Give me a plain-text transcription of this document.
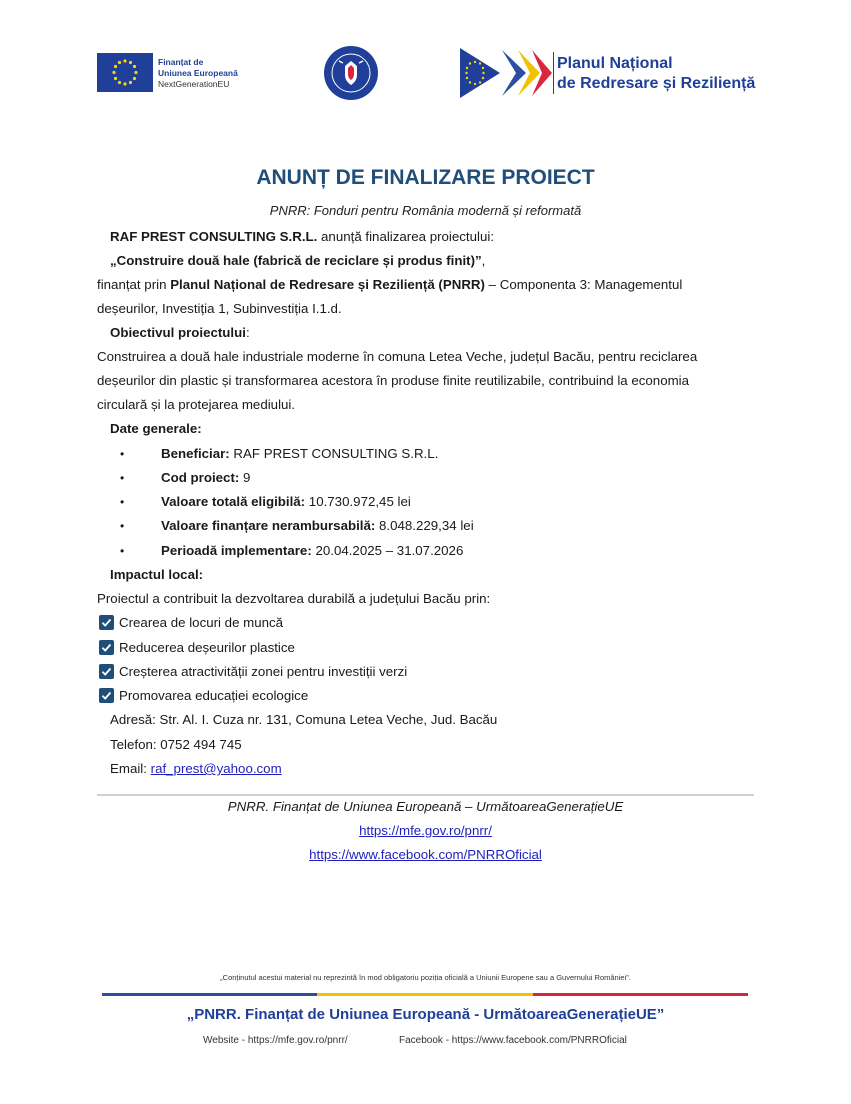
Finanțat de
Uniunea Europeană
NextGenerationEU
Planul Național
de Redresare și Reziliență
ANUNȚ DE FINALIZARE PROIECT
PNRR: Fonduri pentru România modernă și reformată
RAF PREST CONSULTING S.R.L. anunță finalizarea proiectului:
„Construire două hale (fabrică de reciclare și produs finit)”,
finanțat prin Planul Național de Redresare și Reziliență (PNRR) – Componenta 3: Managementul
deșeurilor, Investiția 1, Subinvestiția I.1.d.
Obiectivul proiectului:
Construirea a două hale industriale moderne în comuna Letea Veche, județul Bacău, pentru reciclarea
deșeurilor din plastic și transformarea acestora în produse finite reutilizabile, contribuind la economia
circulară și la protejarea mediului.
Date generale:
•	Beneficiar: RAF PREST CONSULTING S.R.L.
•	Cod proiect: 9
•	Valoare totală eligibilă: 10.730.972,45 lei
•	Valoare finanțare nerambursabilă: 8.048.229,34 lei
•	Perioadă implementare: 20.04.2025 – 31.07.2026
Impactul local:
Proiectul a contribuit la dezvoltarea durabilă a județului Bacău prin:
Crearea de locuri de muncă
Reducerea deșeurilor plastice
Creșterea atractivității zonei pentru investiții verzi
Promovarea educației ecologice
Adresă: Str. Al. I. Cuza nr. 131, Comuna Letea Veche, Jud. Bacău
Telefon: 0752 494 745
Email: raf_prest@yahoo.com
PNRR. Finanțat de Uniunea Europeană – UrmătoareaGenerațieUE
https://mfe.gov.ro/pnrr/
https://www.facebook.com/PNRROficial
„Conținutul acestui material nu reprezintă în mod obligatoriu poziția oficială a Uniunii Europene sau a Guvernului României”.
„PNRR. Finanțat de Uniunea Europeană - UrmătoareaGenerațieUE”
Website - https://mfe.gov.ro/pnrr/	Facebook - https://www.facebook.com/PNRROficial
